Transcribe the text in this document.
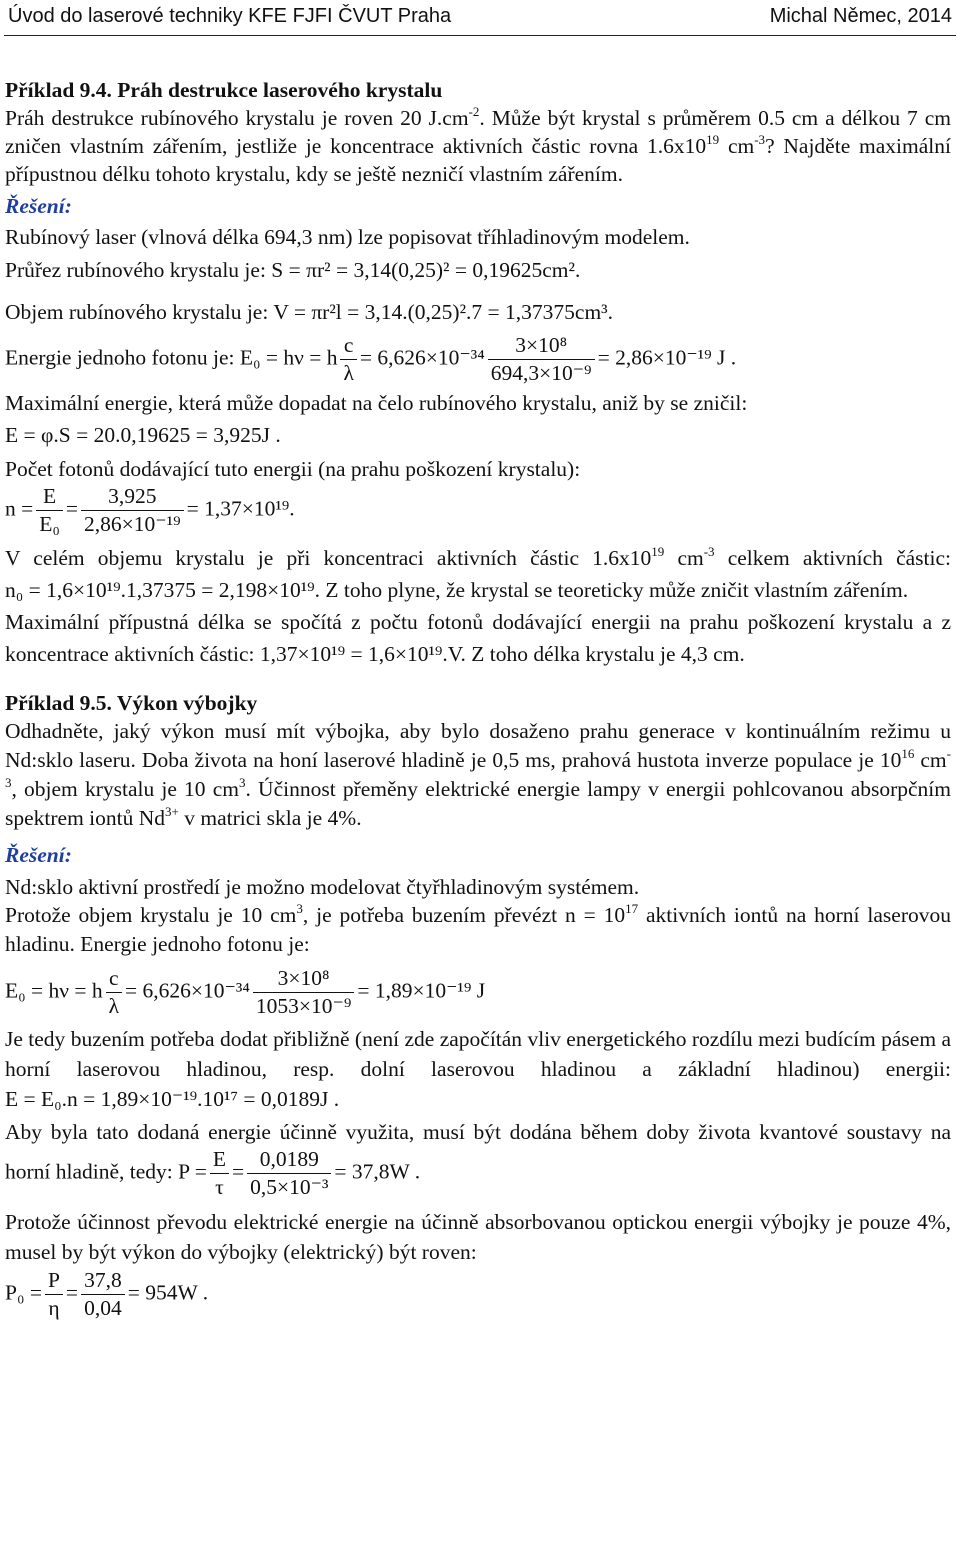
Úvod do laserové techniky KFE FJFI ČVUT Praha	Michal Němec, 2014

Příklad 9.4. Práh destrukce laserového krystalu

Práh destrukce rubínového krystalu je roven 20 $J.cm^{-2}$. Může být krystal s průměrem 0.5 cm a délkou 7 cm zničen vlastním zářením, jestliže je koncentrace aktivních částic rovna $1.6x10^{19}$ $cm^{-3}$? Najděte maximální přípustnou délku tohoto krystalu, kdy se ještě nezničí vlastním zářením.

Řešení:

Rubínový laser (vlnová délka 694,3 nm) lze popisovat tříhladinovým modelem.

Průřez rubínového krystalu je: S = πr² = 3,14(0,25)² = 0,19625cm².

Objem rubínového krystalu je: V = πr²l = 3,14.(0,25)².7 = 1,37375cm³.

Energie jednoho fotonu je: E₀ = hν = h $\frac{c}{\lambda} = 6,626\times 10^{-34} \frac{\text{3×10⁸}}{\text{694,3×10⁻⁹}} = 2,86\times 10^{-19}$ J .

Maximální energie, která může dopadat na čelo rubínového krystalu, aniž by se zničil:

E = φ.S = 20.0,19625 = 3,925J .

Počet fotonů dodávající tuto energii (na prahu poškození krystalu):

$n = \frac{E}{\text{E₀}} = \frac{3,925}{\text{2,86×10⁻¹⁹}} = 1,37\times 10^{19}$.

V celém objemu krystalu je při koncentraci aktivních částic $1.6x10^{19}$ $cm^{-3}$ celkem aktivních částic: n₀ = 1,6×10¹⁹.1,37375 = 2,198×10¹⁹. Z toho plyne, že krystal se teoreticky může zničit vlastním zářením.

Maximální přípustná délka se spočítá z počtu fotonů dodávající energii na prahu poškození krystalu a z koncentrace aktivních částic: 1,37×10¹⁹ = 1,6×10¹⁹.V. Z toho délka krystalu je 4,3 cm.

Příklad 9.5. Výkon výbojky

Odhadněte, jaký výkon musí mít výbojka, aby bylo dosaženo prahu generace v kontinuálním režimu u Nd:sklo laseru. Doba života na honí laserové hladině je 0,5 ms, prahová hustota inverze populace je $10^{16}$ $cm^{-3}$, objem krystalu je 10 $cm^3$. Účinnost přeměny elektrické energie lampy v energii pohlcovanou absorpčním spektrem iontů $Nd^{3+}$ v matrici skla je 4%.

Řešení:

Nd:sklo aktivní prostředí je možno modelovat čtyřhladinovým systémem.

Protože objem krystalu je 10 $cm^3$, je potřeba buzením převézt $n = 10^{17}$ aktivních iontů na horní laserovou hladinu. Energie jednoho fotonu je:

E₀ = hν = h $\frac{c}{\lambda} = 6,626\times 10^{-34} \frac{\text{3×10⁸}}{\text{1053×10⁻⁹}} = 1,89\times 10^{-19}$ J

Je tedy buzením potřeba dodat přibližně (není zde započítán vliv energetického rozdílu mezi budícím pásem a horní laserovou hladinou, resp. dolní laserovou hladinou a základní hladinou) energii: E = E₀.n = 1,89×10⁻¹⁹.10¹⁷ = 0,0189J .

Aby byla tato dodaná energie účinně využita, musí být dodána během doby života kvantové soustavy na horní hladině, tedy: $P = \frac{E}{\tau} = \frac{0,0189}{\text{0,5×10⁻³}} = 37,8W$ .

Protože účinnost převodu elektrické energie na účinně absorbovanou optickou energii výbojky je pouze 4%, musel by být výkon do výbojky (elektrický) být roven:

$P_0 = \frac{P}{\eta} = \frac{37,8}{0,04} = 954W$ .
